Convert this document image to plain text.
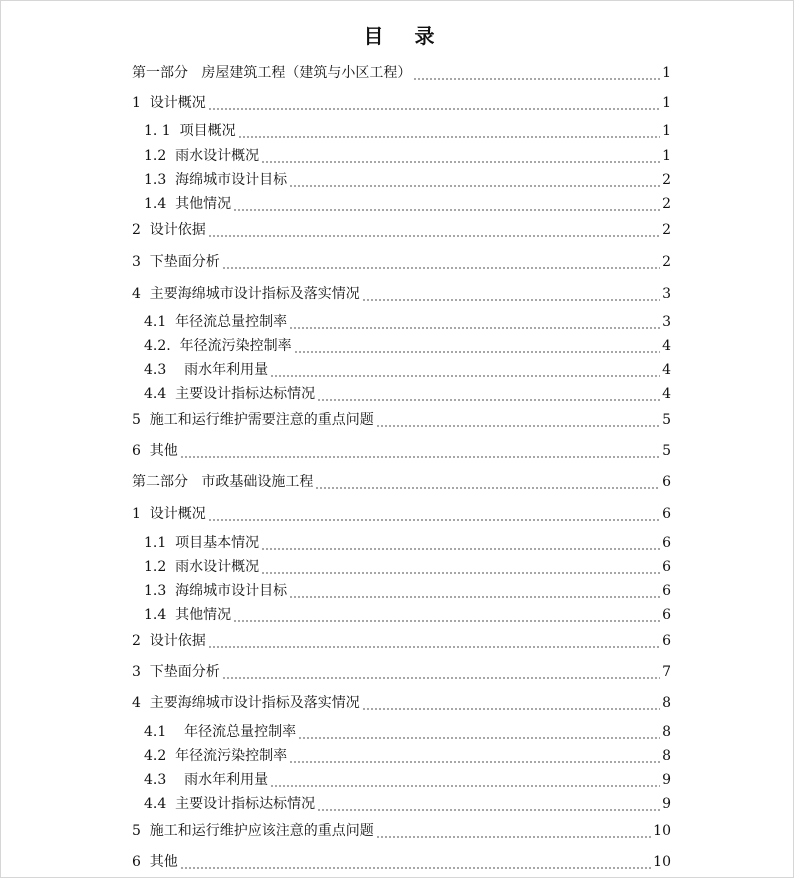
目 录
第一部分   房屋建筑工程（建筑与小区工程）	1
1  设计概况	1
1. 1  项目概况	1
1.2  雨水设计概况	1
1.3  海绵城市设计目标	2
1.4  其他情况	2
2  设计依据	2
3  下垫面分析	2
4  主要海绵城市设计指标及落实情况	3
4.1  年径流总量控制率	3
4.2.  年径流污染控制率	4
4.3    雨水年利用量	4
4.4  主要设计指标达标情况	4
5  施工和运行维护需要注意的重点问题	5
6  其他	5
第二部分   市政基础设施工程	6
1  设计概况	6
1.1  项目基本情况	6
1.2  雨水设计概况	6
1.3  海绵城市设计目标	6
1.4  其他情况	6
2  设计依据	6
3  下垫面分析	7
4  主要海绵城市设计指标及落实情况	8
4.1    年径流总量控制率	8
4.2  年径流污染控制率	8
4.3    雨水年利用量	9
4.4  主要设计指标达标情况	9
5  施工和运行维护应该注意的重点问题	10
6  其他	10
